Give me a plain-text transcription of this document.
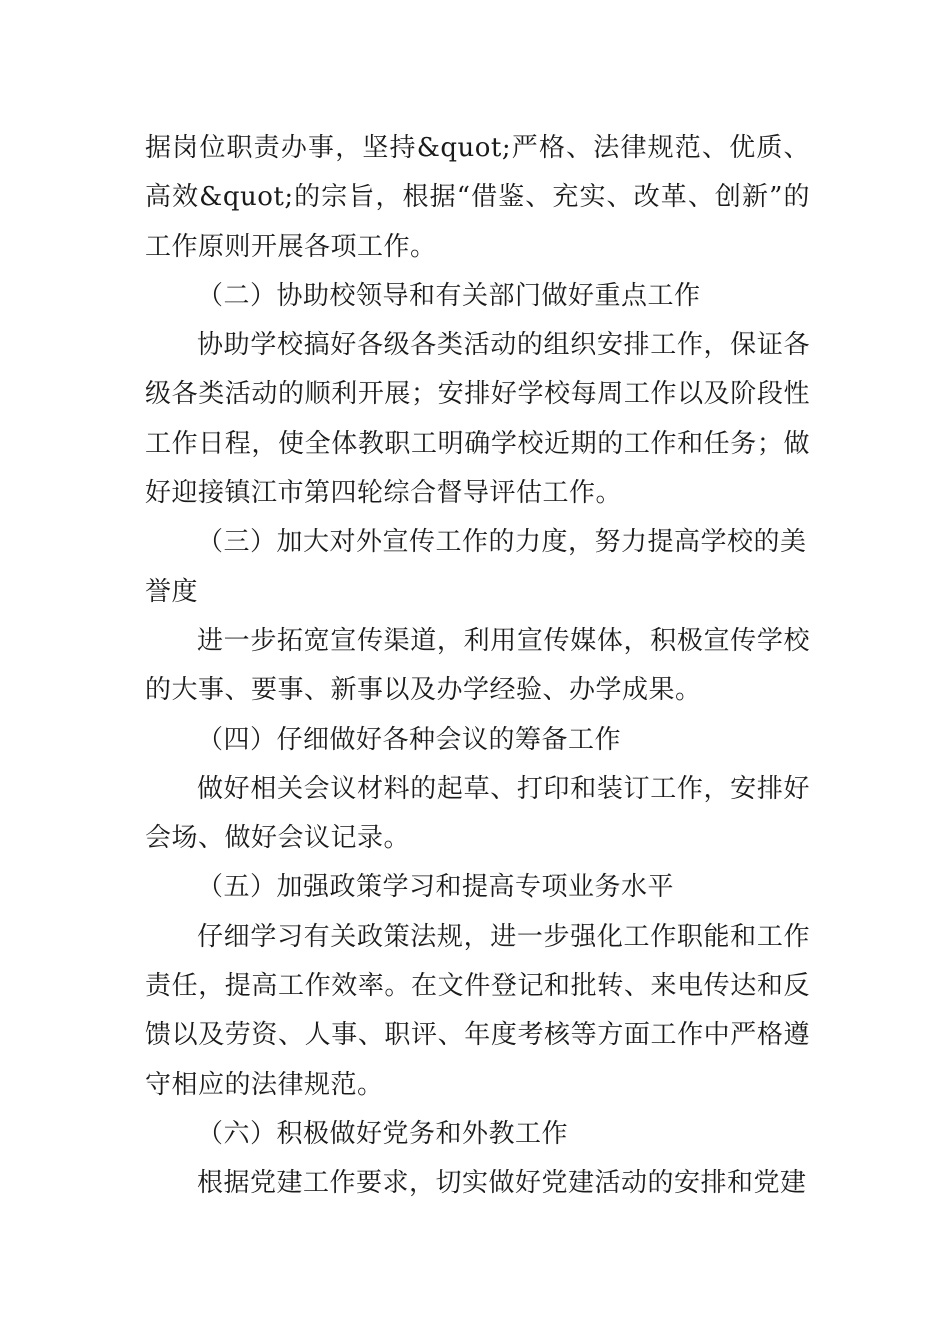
据岗位职责办事，坚持&quot;严格、法律规范、优质、高效&quot;的宗旨，根据“借鉴、充实、改革、创新”的工作原则开展各项工作。

（二）协助校领导和有关部门做好重点工作

协助学校搞好各级各类活动的组织安排工作，保证各级各类活动的顺利开展；安排好学校每周工作以及阶段性工作日程，使全体教职工明确学校近期的工作和任务；做好迎接镇江市第四轮综合督导评估工作。

（三）加大对外宣传工作的力度，努力提高学校的美誉度

进一步拓宽宣传渠道，利用宣传媒体，积极宣传学校的大事、要事、新事以及办学经验、办学成果。

（四）仔细做好各种会议的筹备工作

做好相关会议材料的起草、打印和装订工作，安排好会场、做好会议记录。

（五）加强政策学习和提高专项业务水平

仔细学习有关政策法规，进一步强化工作职能和工作责任，提高工作效率。在文件登记和批转、来电传达和反馈以及劳资、人事、职评、年度考核等方面工作中严格遵守相应的法律规范。

（六）积极做好党务和外教工作

根据党建工作要求，切实做好党建活动的安排和党建
